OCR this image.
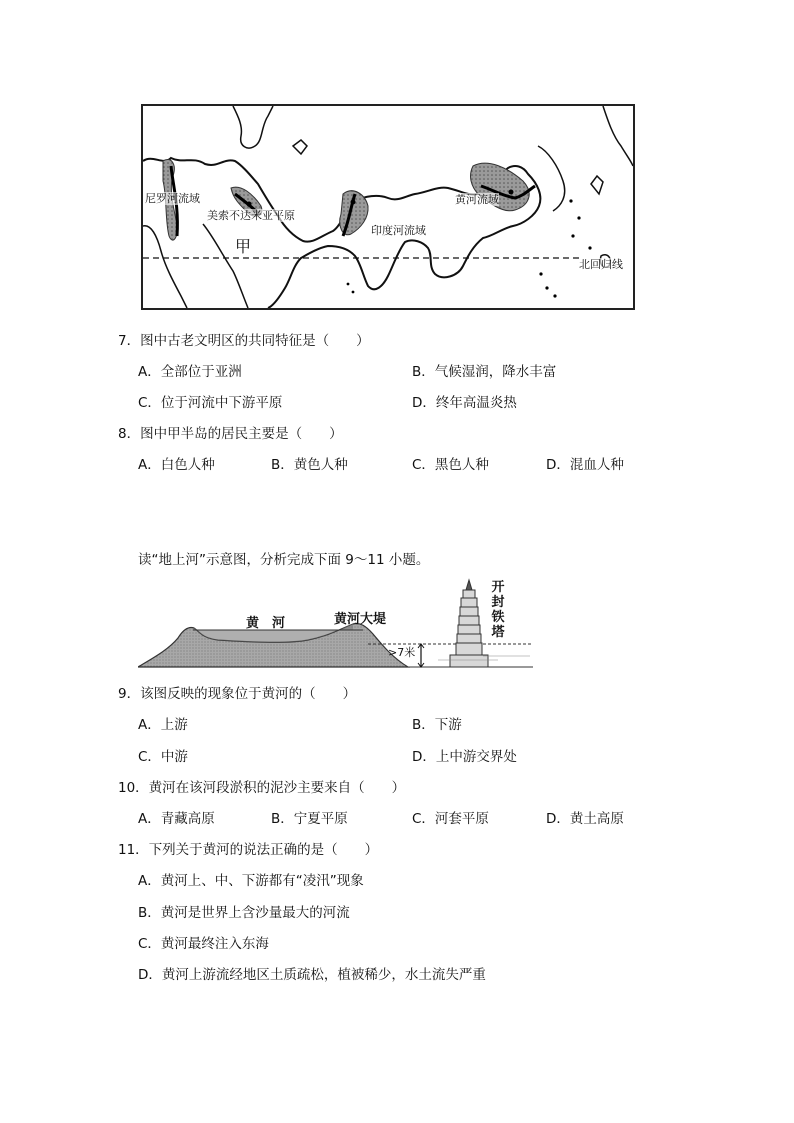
尼罗河流域
美索不达米亚平原
印度河流域
黄河流域
甲
北回归线
7．图中古老文明区的共同特征是（　　）
A．全部位于亚洲	B．气候湿润，降水丰富
C．位于河流中下游平原	D．终年高温炎热
8．图中甲半岛的居民主要是（　　）
A．白色人种	B．黄色人种	C．黑色人种	D．混血人种
读“地上河”示意图，分析完成下面 9～11 小题。
黄　河	黄河大堤
>7米
开
封
铁
塔
9．该图反映的现象位于黄河的（　　）
A．上游	B．下游
C．中游	D．上中游交界处
10．黄河在该河段淤积的泥沙主要来自（　　）
A．青藏高原	B．宁夏平原	C．河套平原	D．黄土高原
11．下列关于黄河的说法正确的是（　　）
A．黄河上、中、下游都有“凌汛”现象
B．黄河是世界上含沙量最大的河流
C．黄河最终注入东海
D．黄河上游流经地区土质疏松，植被稀少，水土流失严重
